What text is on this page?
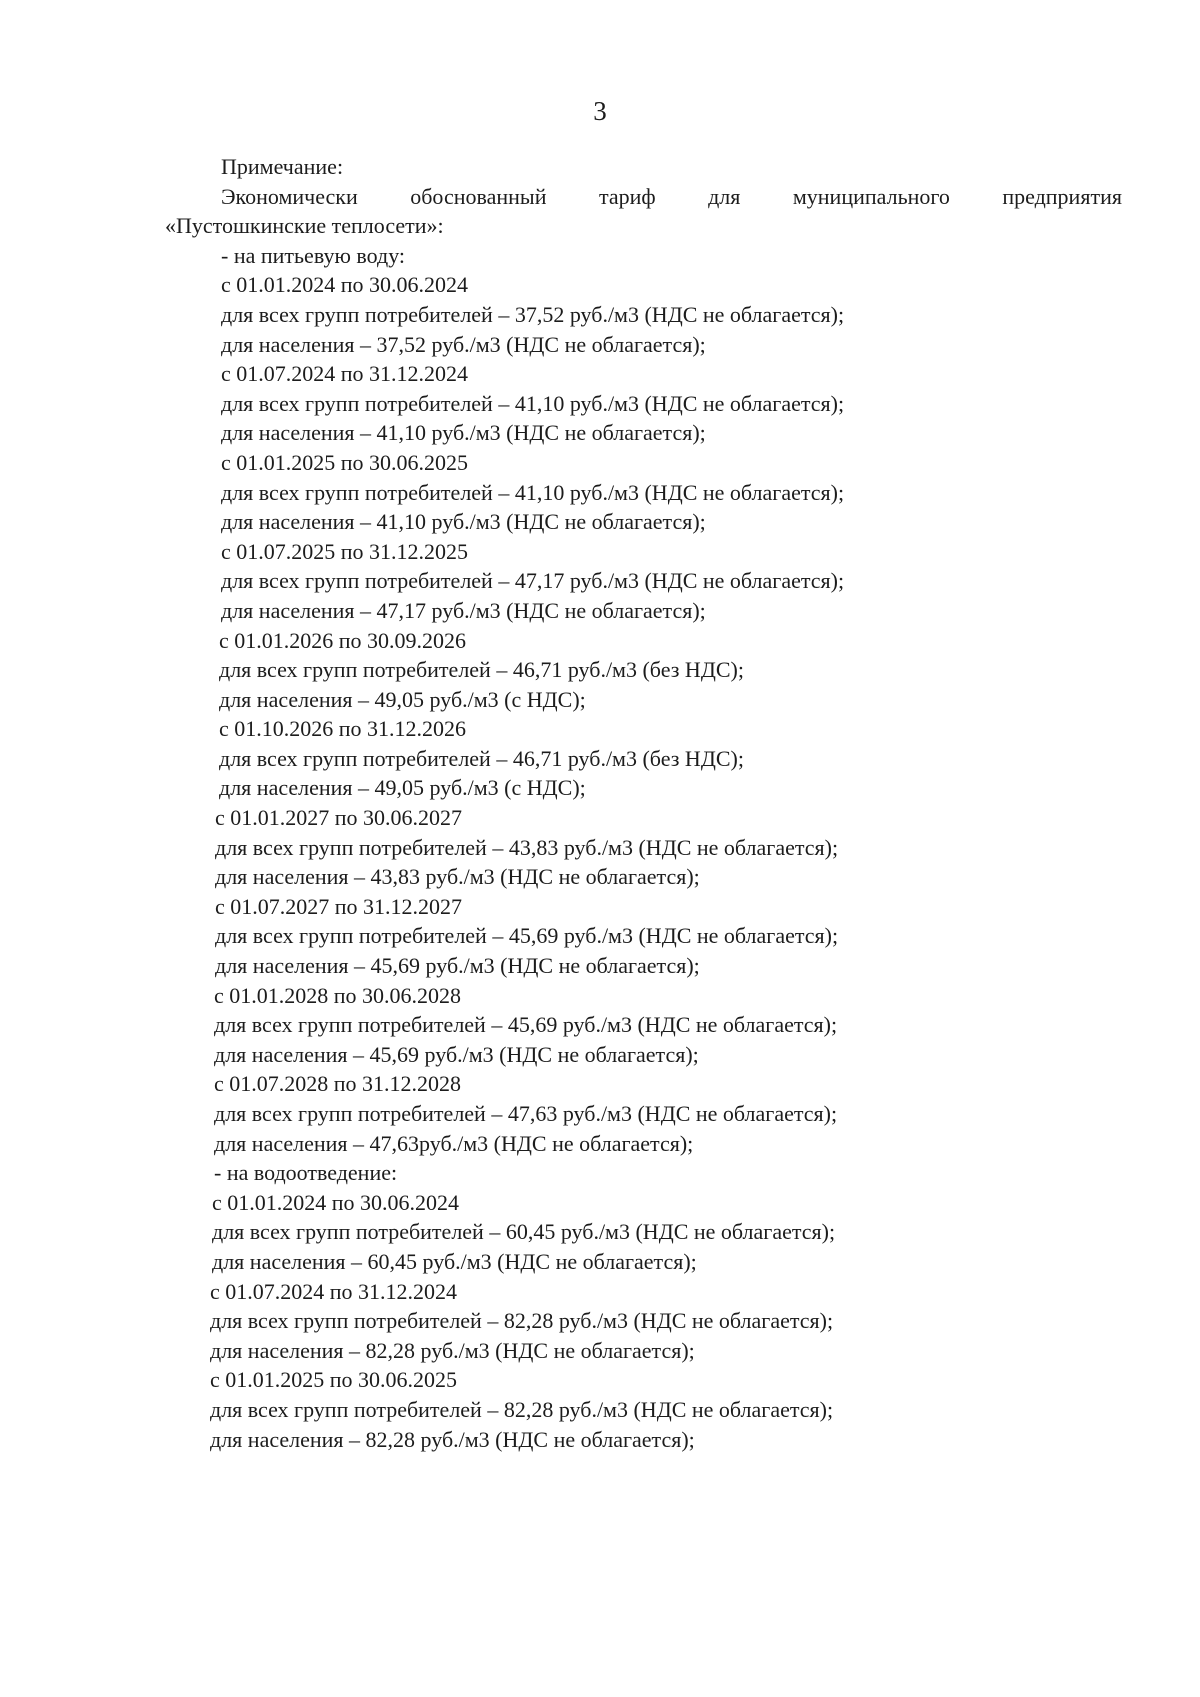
3
Примечание:
Экономически обоснованный тариф для муниципального предприятия
«Пустошкинские теплосети»:
- на питьевую воду:
с 01.01.2024 по 30.06.2024
для всех групп потребителей – 37,52 руб./м3 (НДС не облагается);
для населения – 37,52 руб./м3 (НДС не облагается);
с 01.07.2024 по 31.12.2024
для всех групп потребителей – 41,10 руб./м3 (НДС не облагается);
для населения – 41,10 руб./м3 (НДС не облагается);
с 01.01.2025 по 30.06.2025
для всех групп потребителей – 41,10 руб./м3 (НДС не облагается);
для населения – 41,10 руб./м3 (НДС не облагается);
с 01.07.2025 по 31.12.2025
для всех групп потребителей – 47,17 руб./м3 (НДС не облагается);
для населения – 47,17 руб./м3 (НДС не облагается);
с 01.01.2026 по 30.09.2026
для всех групп потребителей – 46,71 руб./м3 (без НДС);
для населения – 49,05 руб./м3 (с НДС);
с 01.10.2026 по 31.12.2026
для всех групп потребителей – 46,71 руб./м3 (без НДС);
для населения – 49,05 руб./м3 (с НДС);
с 01.01.2027 по 30.06.2027
для всех групп потребителей – 43,83 руб./м3 (НДС не облагается);
для населения – 43,83 руб./м3 (НДС не облагается);
с 01.07.2027 по 31.12.2027
для всех групп потребителей – 45,69 руб./м3 (НДС не облагается);
для населения – 45,69 руб./м3 (НДС не облагается);
с 01.01.2028 по 30.06.2028
для всех групп потребителей – 45,69 руб./м3 (НДС не облагается);
для населения – 45,69 руб./м3 (НДС не облагается);
с 01.07.2028 по 31.12.2028
для всех групп потребителей – 47,63 руб./м3 (НДС не облагается);
для населения – 47,63руб./м3 (НДС не облагается);
- на водоотведение:
с 01.01.2024 по 30.06.2024
для всех групп потребителей – 60,45 руб./м3 (НДС не облагается);
для населения – 60,45 руб./м3 (НДС не облагается);
с 01.07.2024 по 31.12.2024
для всех групп потребителей – 82,28 руб./м3 (НДС не облагается);
для населения – 82,28 руб./м3 (НДС не облагается);
с 01.01.2025 по 30.06.2025
для всех групп потребителей – 82,28 руб./м3 (НДС не облагается);
для населения – 82,28 руб./м3 (НДС не облагается);
